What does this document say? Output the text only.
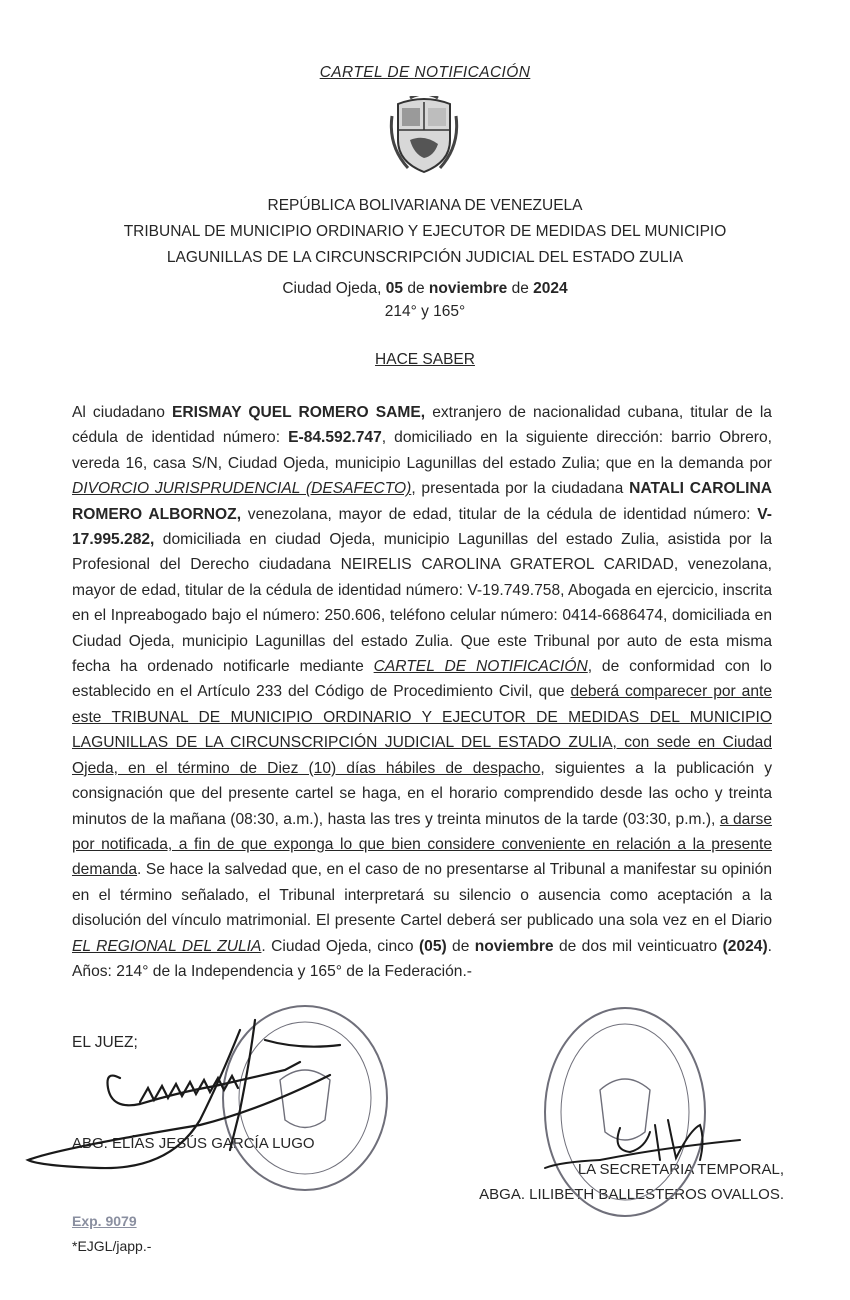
CARTEL DE NOTIFICACIÓN
REPÚBLICA BOLIVARIANA DE VENEZUELA
TRIBUNAL DE MUNICIPIO ORDINARIO Y EJECUTOR DE MEDIDAS DEL MUNICIPIO
LAGUNILLAS DE LA CIRCUNSCRIPCIÓN JUDICIAL DEL ESTADO ZULIA
Ciudad Ojeda, 05 de noviembre de 2024
214° y 165°
HACE SABER
Al ciudadano ERISMAY QUEL ROMERO SAME, extranjero de nacionalidad cubana, titular de la cédula de identidad número: E-84.592.747, domiciliado en la siguiente dirección: barrio Obrero, vereda 16, casa S/N, Ciudad Ojeda, municipio Lagunillas del estado Zulia; que en la demanda por DIVORCIO JURISPRUDENCIAL (DESAFECTO), presentada por la ciudadana NATALI CAROLINA ROMERO ALBORNOZ, venezolana, mayor de edad, titular de la cédula de identidad número: V-17.995.282, domiciliada en ciudad Ojeda, municipio Lagunillas del estado Zulia, asistida por la Profesional del Derecho ciudadana NEIRELIS CAROLINA GRATEROL CARIDAD, venezolana, mayor de edad, titular de la cédula de identidad número: V-19.749.758, Abogada en ejercicio, inscrita en el Inpreabogado bajo el número: 250.606, teléfono celular número: 0414-6686474, domiciliada en Ciudad Ojeda, municipio Lagunillas del estado Zulia. Que este Tribunal por auto de esta misma fecha ha ordenado notificarle mediante CARTEL DE NOTIFICACIÓN, de conformidad con lo establecido en el Artículo 233 del Código de Procedimiento Civil, que deberá comparecer por ante este TRIBUNAL DE MUNICIPIO ORDINARIO Y EJECUTOR DE MEDIDAS DEL MUNICIPIO LAGUNILLAS DE LA CIRCUNSCRIPCIÓN JUDICIAL DEL ESTADO ZULIA, con sede en Ciudad Ojeda, en el término de Diez (10) días hábiles de despacho, siguientes a la publicación y consignación que del presente cartel se haga, en el horario comprendido desde las ocho y treinta minutos de la mañana (08:30, a.m.), hasta las tres y treinta minutos de la tarde (03:30, p.m.), a darse por notificada, a fin de que exponga lo que bien considere conveniente en relación a la presente demanda. Se hace la salvedad que, en el caso de no presentarse al Tribunal a manifestar su opinión en el término señalado, el Tribunal interpretará su silencio o ausencia como aceptación a la disolución del vínculo matrimonial. El presente Cartel deberá ser publicado una sola vez en el Diario EL REGIONAL DEL ZULIA. Ciudad Ojeda, cinco (05) de noviembre de dos mil veinticuatro (2024). Años: 214° de la Independencia y 165° de la Federación.-
EL JUEZ;
ABG. ELÍAS JESÚS GARCÍA LUGO
LA SECRETARIA TEMPORAL,
ABGA. LILIBETH BALLESTEROS OVALLOS.
Exp. 9079
*EJGL/japp.-
